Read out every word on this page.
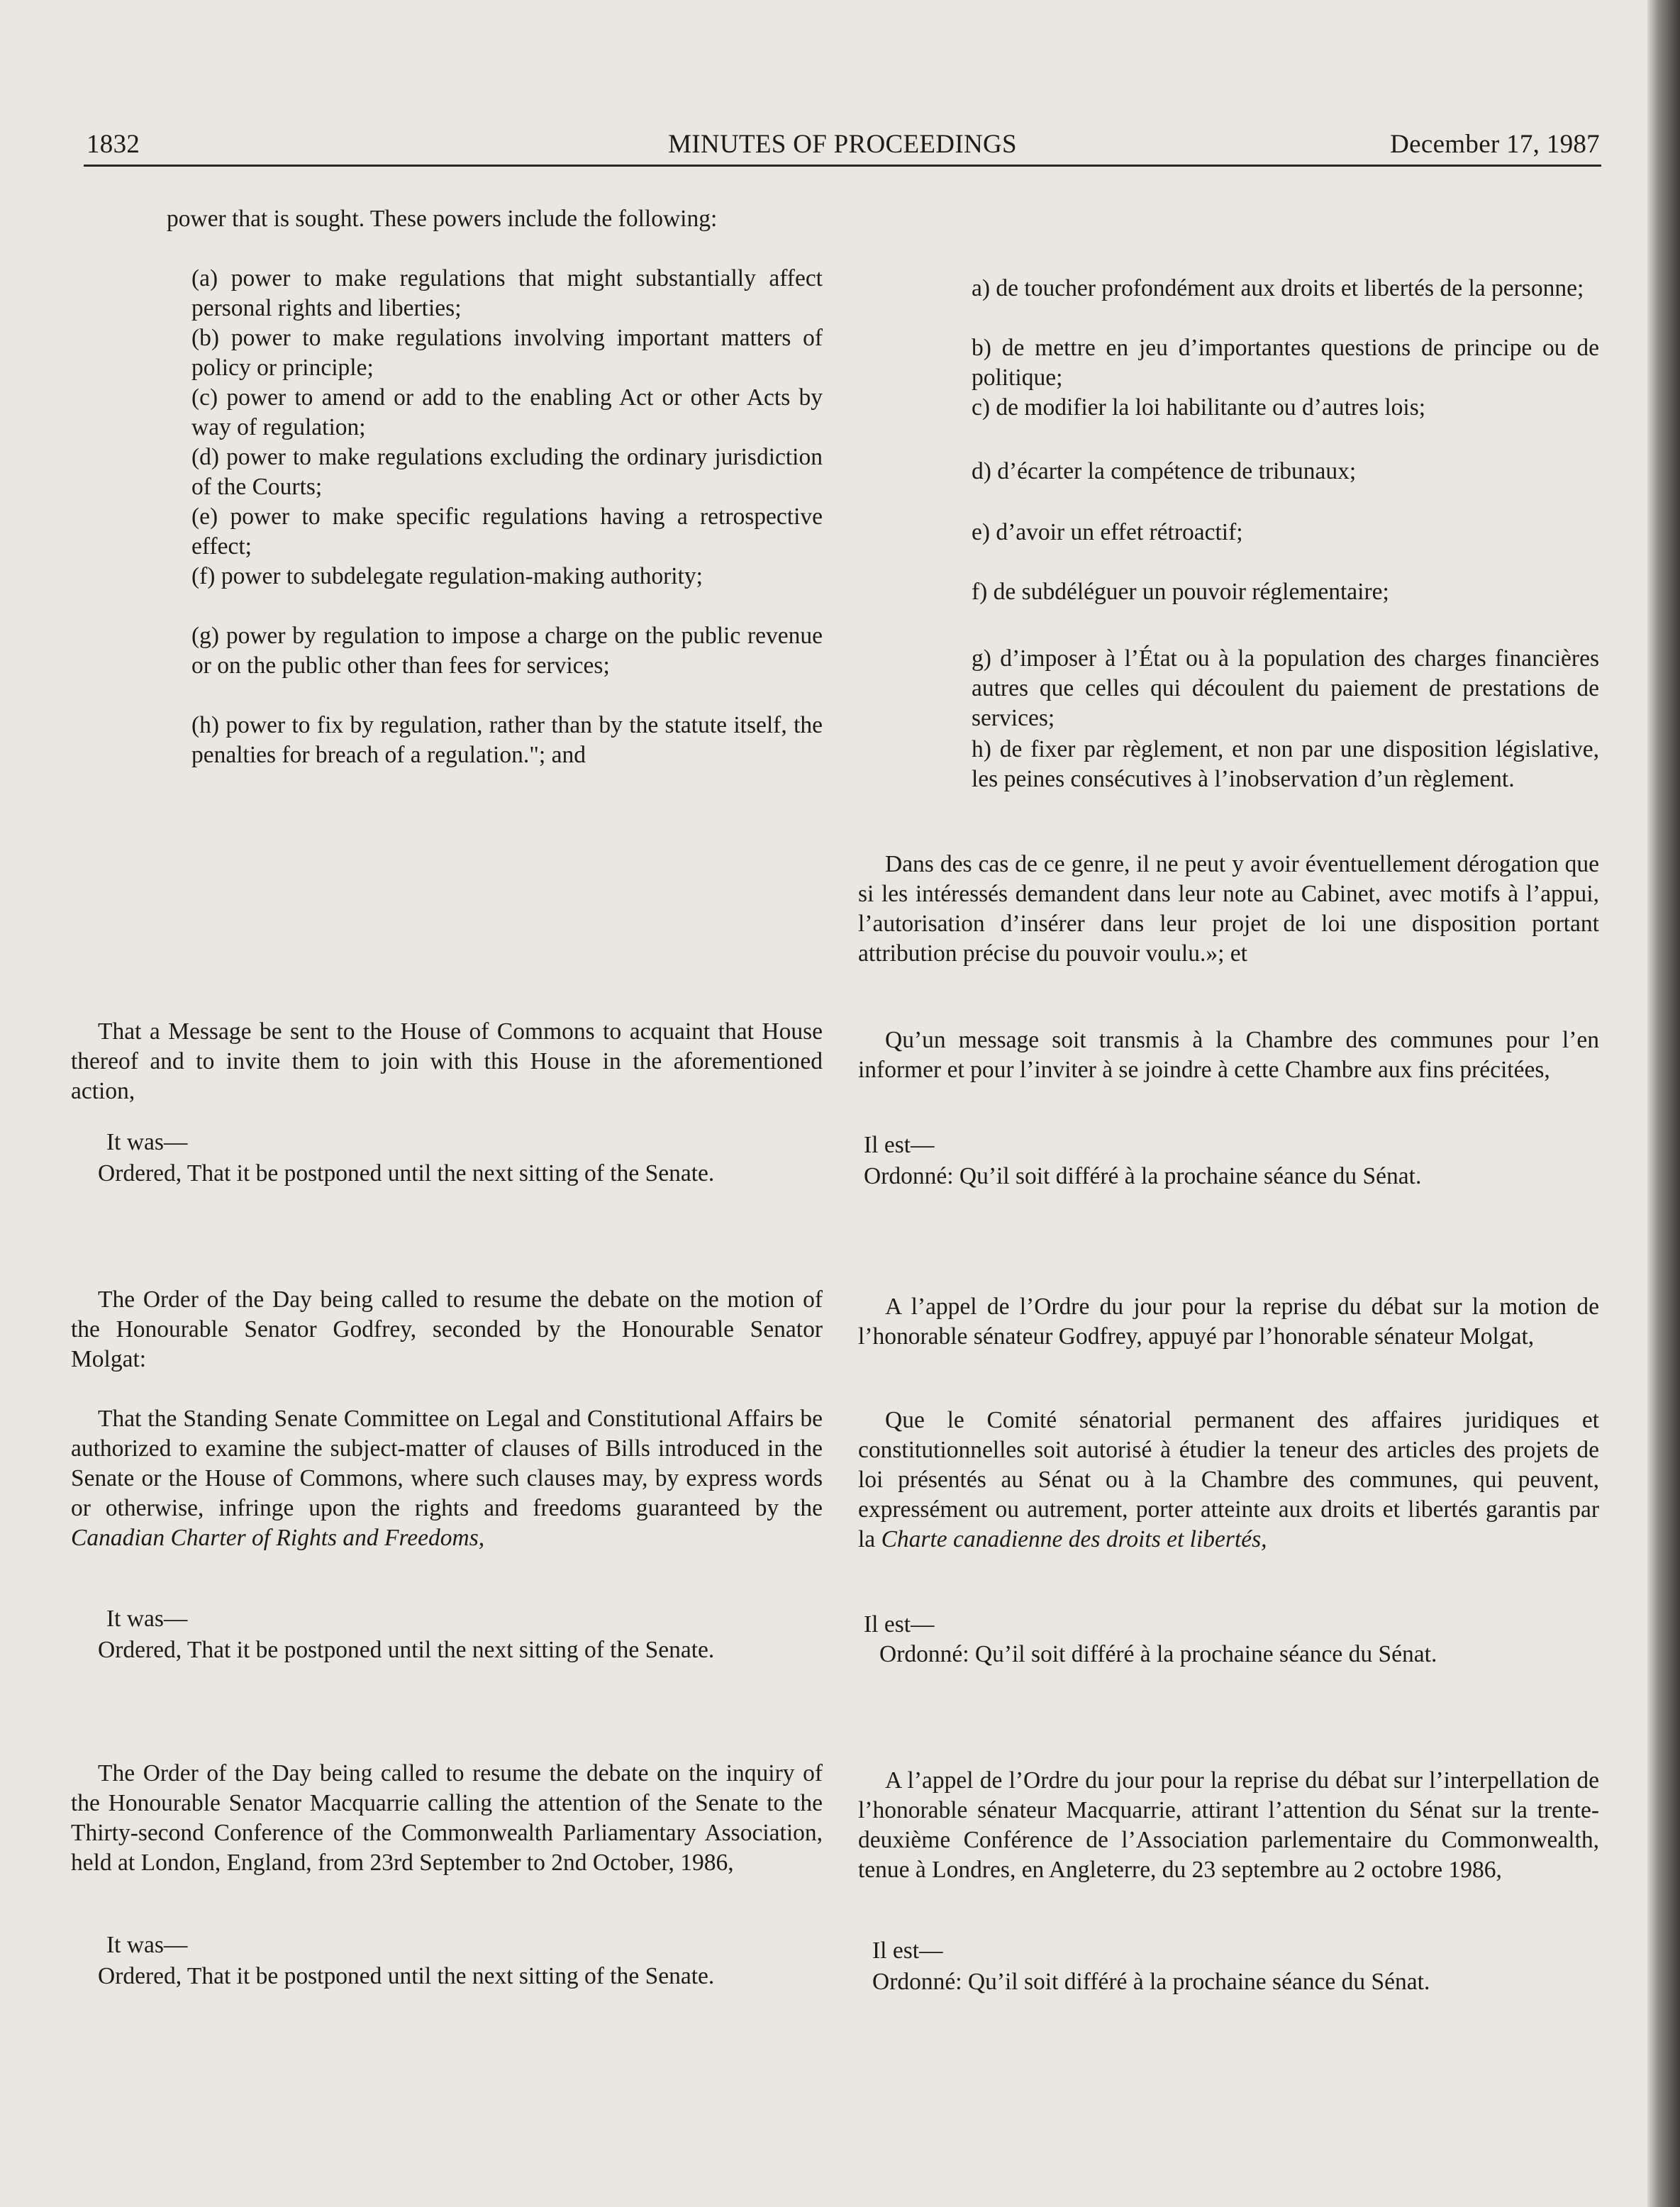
1832	MINUTES OF PROCEEDINGS	December 17, 1987

power that is sought. These powers include the following:

(a) power to make regulations that might substantially affect personal rights and liberties;

(b) power to make regulations involving important matters of policy or principle;

(c) power to amend or add to the enabling Act or other Acts by way of regulation;

(d) power to make regulations excluding the ordinary jurisdiction of the Courts;

(e) power to make specific regulations having a retrospective effect;

(f) power to subdelegate regulation-making authority;

(g) power by regulation to impose a charge on the public revenue or on the public other than fees for services;

(h) power to fix by regulation, rather than by the statute itself, the penalties for breach of a regulation."; and

That a Message be sent to the House of Commons to acquaint that House thereof and to invite them to join with this House in the aforementioned action,

It was—

Ordered, That it be postponed until the next sitting of the Senate.

The Order of the Day being called to resume the debate on the motion of the Honourable Senator Godfrey, seconded by the Honourable Senator Molgat:

That the Standing Senate Committee on Legal and Constitutional Affairs be authorized to examine the subject-matter of clauses of Bills introduced in the Senate or the House of Commons, where such clauses may, by express words or otherwise, infringe upon the rights and freedoms guaranteed by the Canadian Charter of Rights and Freedoms,

It was—

Ordered, That it be postponed until the next sitting of the Senate.

The Order of the Day being called to resume the debate on the inquiry of the Honourable Senator Macquarrie calling the attention of the Senate to the Thirty-second Conference of the Commonwealth Parliamentary Association, held at London, England, from 23rd September to 2nd October, 1986,

It was—

Ordered, That it be postponed until the next sitting of the Senate.

a) de toucher profondément aux droits et libertés de la personne;

b) de mettre en jeu d’importantes questions de principe ou de politique;

c) de modifier la loi habilitante ou d’autres lois;

d) d’écarter la compétence de tribunaux;

e) d’avoir un effet rétroactif;

f) de subdéléguer un pouvoir réglementaire;

g) d’imposer à l’État ou à la population des charges financières autres que celles qui découlent du paiement de prestations de services;

h) de fixer par règlement, et non par une disposition législative, les peines consécutives à l’inobservation d’un règlement.

Dans des cas de ce genre, il ne peut y avoir éventuellement dérogation que si les intéressés demandent dans leur note au Cabinet, avec motifs à l’appui, l’autorisation d’insérer dans leur projet de loi une disposition portant attribution précise du pouvoir voulu.»; et

Qu’un message soit transmis à la Chambre des communes pour l’en informer et pour l’inviter à se joindre à cette Chambre aux fins précitées,

Il est—

Ordonné: Qu’il soit différé à la prochaine séance du Sénat.

A l’appel de l’Ordre du jour pour la reprise du débat sur la motion de l’honorable sénateur Godfrey, appuyé par l’honorable sénateur Molgat,

Que le Comité sénatorial permanent des affaires juridiques et constitutionnelles soit autorisé à étudier la teneur des articles des projets de loi présentés au Sénat ou à la Chambre des communes, qui peuvent, expressément ou autrement, porter atteinte aux droits et libertés garantis par la Charte canadienne des droits et libertés,

Il est—

Ordonné: Qu’il soit différé à la prochaine séance du Sénat.

A l’appel de l’Ordre du jour pour la reprise du débat sur l’interpellation de l’honorable sénateur Macquarrie, attirant l’attention du Sénat sur la trente- deuxième Conférence de l’Association parlementaire du Commonwealth, tenue à Londres, en Angleterre, du 23 septembre au 2 octobre 1986,

Il est—

Ordonné: Qu’il soit différé à la prochaine séance du Sénat.
